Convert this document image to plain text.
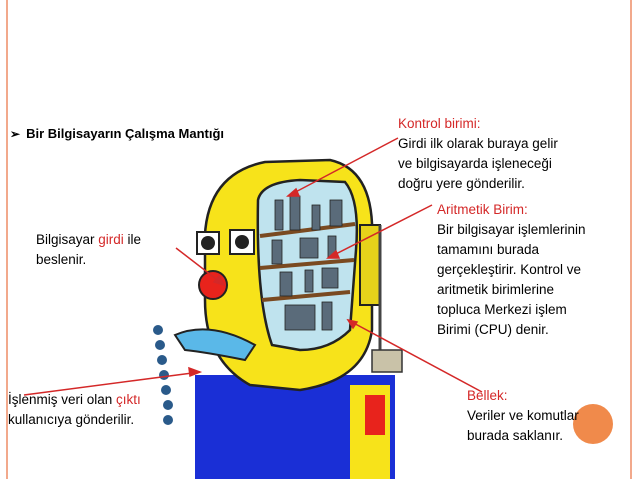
➢ Bir Bilgisayarın Çalışma Mantığı
Bilgisayar girdi ile
beslenir.
İşlenmiş veri olan çıktı
kullanıcıya gönderilir.
Kontrol birimi:
Girdi ilk olarak buraya gelir
ve bilgisayarda işleneceği
doğru yere gönderilir.
Aritmetik Birim:
Bir bilgisayar işlemlerinin
tamamını burada
gerçekleştirir. Kontrol ve
aritmetik birimlerine
topluca Merkezi işlem
Birimi (CPU) denir.
Bellek:
Veriler ve komutlar
burada saklanır.
